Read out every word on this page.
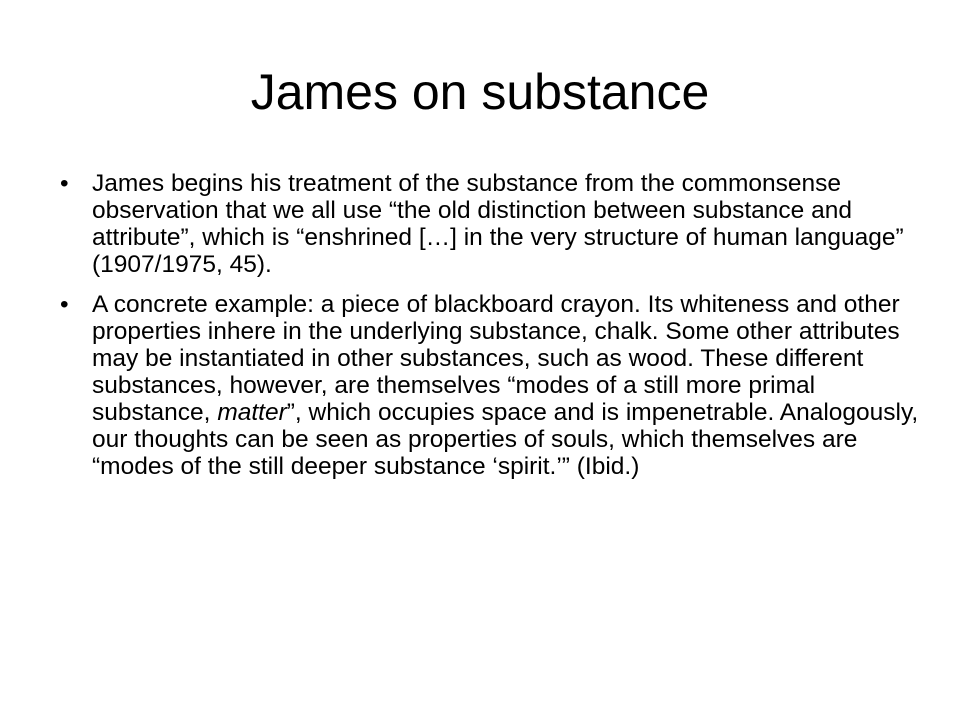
James on substance
• James begins his treatment of the substance from the commonsense observation that we all use “the old distinction between substance and attribute”, which is “enshrined […] in the very structure of human language” (1907/1975, 45).
• A concrete example: a piece of blackboard crayon. Its whiteness and other properties inhere in the underlying substance, chalk. Some other attributes may be instantiated in other substances, such as wood. These different substances, however, are themselves “modes of a still more primal substance, matter”, which occupies space and is impenetrable. Analogously, our thoughts can be seen as properties of souls, which themselves are “modes of the still deeper substance ‘spirit.’” (Ibid.)
